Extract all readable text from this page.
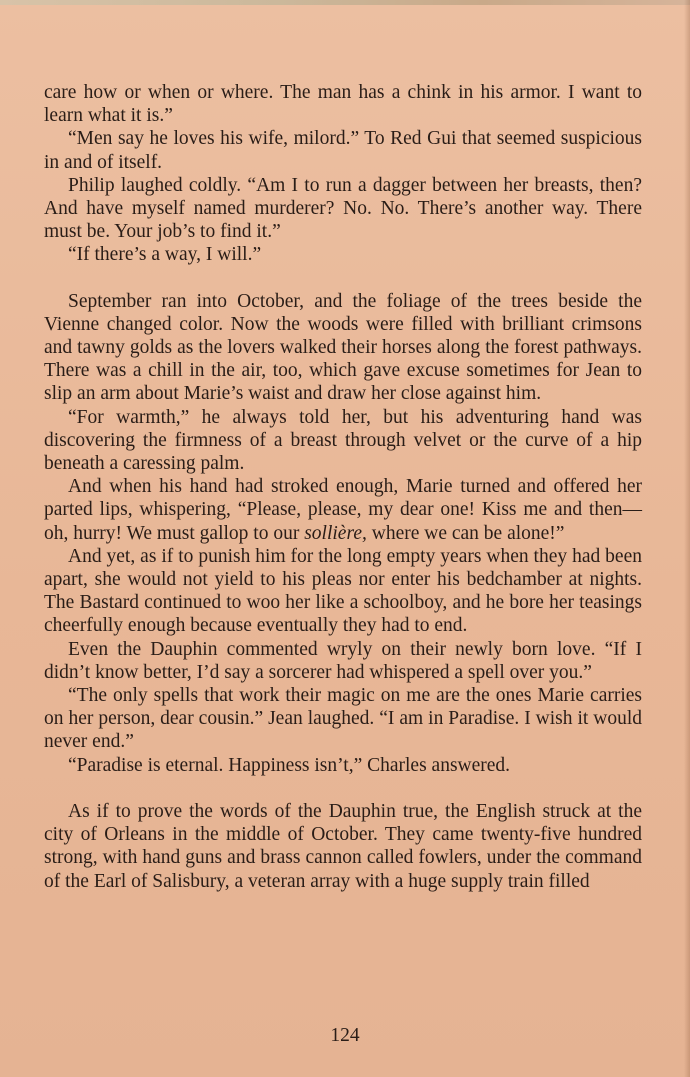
care how or when or where. The man has a chink in his armor. I want to learn what it is.”

“Men say he loves his wife, milord.” To Red Gui that seemed suspicious in and of itself.

Philip laughed coldly. “Am I to run a dagger between her breasts, then? And have myself named murderer? No. No. There’s another way. There must be. Your job’s to find it.”

“If there’s a way, I will.”

September ran into October, and the foliage of the trees beside the Vienne changed color. Now the woods were filled with brilliant crimsons and tawny golds as the lovers walked their horses along the forest pathways. There was a chill in the air, too, which gave excuse sometimes for Jean to slip an arm about Marie’s waist and draw her close against him.

“For warmth,” he always told her, but his adventuring hand was discovering the firmness of a breast through velvet or the curve of a hip beneath a caressing palm.

And when his hand had stroked enough, Marie turned and offered her parted lips, whispering, “Please, please, my dear one! Kiss me and then—oh, hurry! We must gallop to our sollière, where we can be alone!”

And yet, as if to punish him for the long empty years when they had been apart, she would not yield to his pleas nor enter his bedchamber at nights. The Bastard continued to woo her like a schoolboy, and he bore her teasings cheerfully enough because eventually they had to end.

Even the Dauphin commented wryly on their newly born love. “If I didn’t know better, I’d say a sorcerer had whispered a spell over you.”

“The only spells that work their magic on me are the ones Marie carries on her person, dear cousin.” Jean laughed. “I am in Paradise. I wish it would never end.”

“Paradise is eternal. Happiness isn’t,” Charles answered.

As if to prove the words of the Dauphin true, the English struck at the city of Orleans in the middle of October. They came twenty-five hundred strong, with hand guns and brass cannon called fowlers, under the command of the Earl of Salisbury, a veteran array with a huge supply train filled

124
